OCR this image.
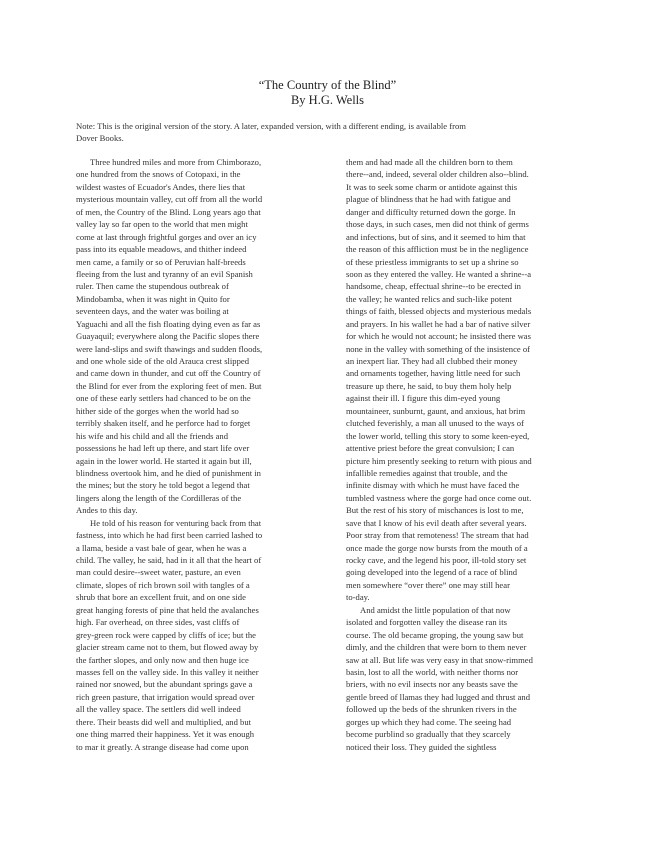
“The Country of the Blind”
By H.G. Wells
Note: This is the original version of the story. A later, expanded version, with a different ending, is available from
Dover Books.
Three hundred miles and more from Chimborazo,
one hundred from the snows of Cotopaxi, in the
wildest wastes of Ecuador's Andes, there lies that
mysterious mountain valley, cut off from all the world
of men, the Country of the Blind. Long years ago that
valley lay so far open to the world that men might
come at last through frightful gorges and over an icy
pass into its equable meadows, and thither indeed
men came, a family or so of Peruvian half-breeds
fleeing from the lust and tyranny of an evil Spanish
ruler. Then came the stupendous outbreak of
Mindobamba, when it was night in Quito for
seventeen days, and the water was boiling at
Yaguachi and all the fish floating dying even as far as
Guayaquil; everywhere along the Pacific slopes there
were land-slips and swift thawings and sudden floods,
and one whole side of the old Arauca crest slipped
and came down in thunder, and cut off the Country of
the Blind for ever from the exploring feet of men. But
one of these early settlers had chanced to be on the
hither side of the gorges when the world had so
terribly shaken itself, and he perforce had to forget
his wife and his child and all the friends and
possessions he had left up there, and start life over
again in the lower world. He started it again but ill,
blindness overtook him, and he died of punishment in
the mines; but the story he told begot a legend that
lingers along the length of the Cordilleras of the
Andes to this day.
He told of his reason for venturing back from that
fastness, into which he had first been carried lashed to
a llama, beside a vast bale of gear, when he was a
child. The valley, he said, had in it all that the heart of
man could desire--sweet water, pasture, an even
climate, slopes of rich brown soil with tangles of a
shrub that bore an excellent fruit, and on one side
great hanging forests of pine that held the avalanches
high. Far overhead, on three sides, vast cliffs of
grey-green rock were capped by cliffs of ice; but the
glacier stream came not to them, but flowed away by
the farther slopes, and only now and then huge ice
masses fell on the valley side. In this valley it neither
rained nor snowed, but the abundant springs gave a
rich green pasture, that irrigation would spread over
all the valley space. The settlers did well indeed
there. Their beasts did well and multiplied, and but
one thing marred their happiness. Yet it was enough
to mar it greatly. A strange disease had come upon
them and had made all the children born to them
there--and, indeed, several older children also--blind.
It was to seek some charm or antidote against this
plague of blindness that he had with fatigue and
danger and difficulty returned down the gorge. In
those days, in such cases, men did not think of germs
and infections, but of sins, and it seemed to him that
the reason of this affliction must be in the negligence
of these priestless immigrants to set up a shrine so
soon as they entered the valley. He wanted a shrine--a
handsome, cheap, effectual shrine--to be erected in
the valley; he wanted relics and such-like potent
things of faith, blessed objects and mysterious medals
and prayers. In his wallet he had a bar of native silver
for which he would not account; he insisted there was
none in the valley with something of the insistence of
an inexpert liar. They had all clubbed their money
and ornaments together, having little need for such
treasure up there, he said, to buy them holy help
against their ill. I figure this dim-eyed young
mountaineer, sunburnt, gaunt, and anxious, hat brim
clutched feverishly, a man all unused to the ways of
the lower world, telling this story to some keen-eyed,
attentive priest before the great convulsion; I can
picture him presently seeking to return with pious and
infallible remedies against that trouble, and the
infinite dismay with which he must have faced the
tumbled vastness where the gorge had once come out.
But the rest of his story of mischances is lost to me,
save that I know of his evil death after several years.
Poor stray from that remoteness! The stream that had
once made the gorge now bursts from the mouth of a
rocky cave, and the legend his poor, ill-told story set
going developed into the legend of a race of blind
men somewhere “over there” one may still hear
to-day.
And amidst the little population of that now
isolated and forgotten valley the disease ran its
course. The old became groping, the young saw but
dimly, and the children that were born to them never
saw at all. But life was very easy in that snow-rimmed
basin, lost to all the world, with neither thorns nor
briers, with no evil insects nor any beasts save the
gentle breed of llamas they had lugged and thrust and
followed up the beds of the shrunken rivers in the
gorges up which they had come. The seeing had
become purblind so gradually that they scarcely
noticed their loss. They guided the sightless
